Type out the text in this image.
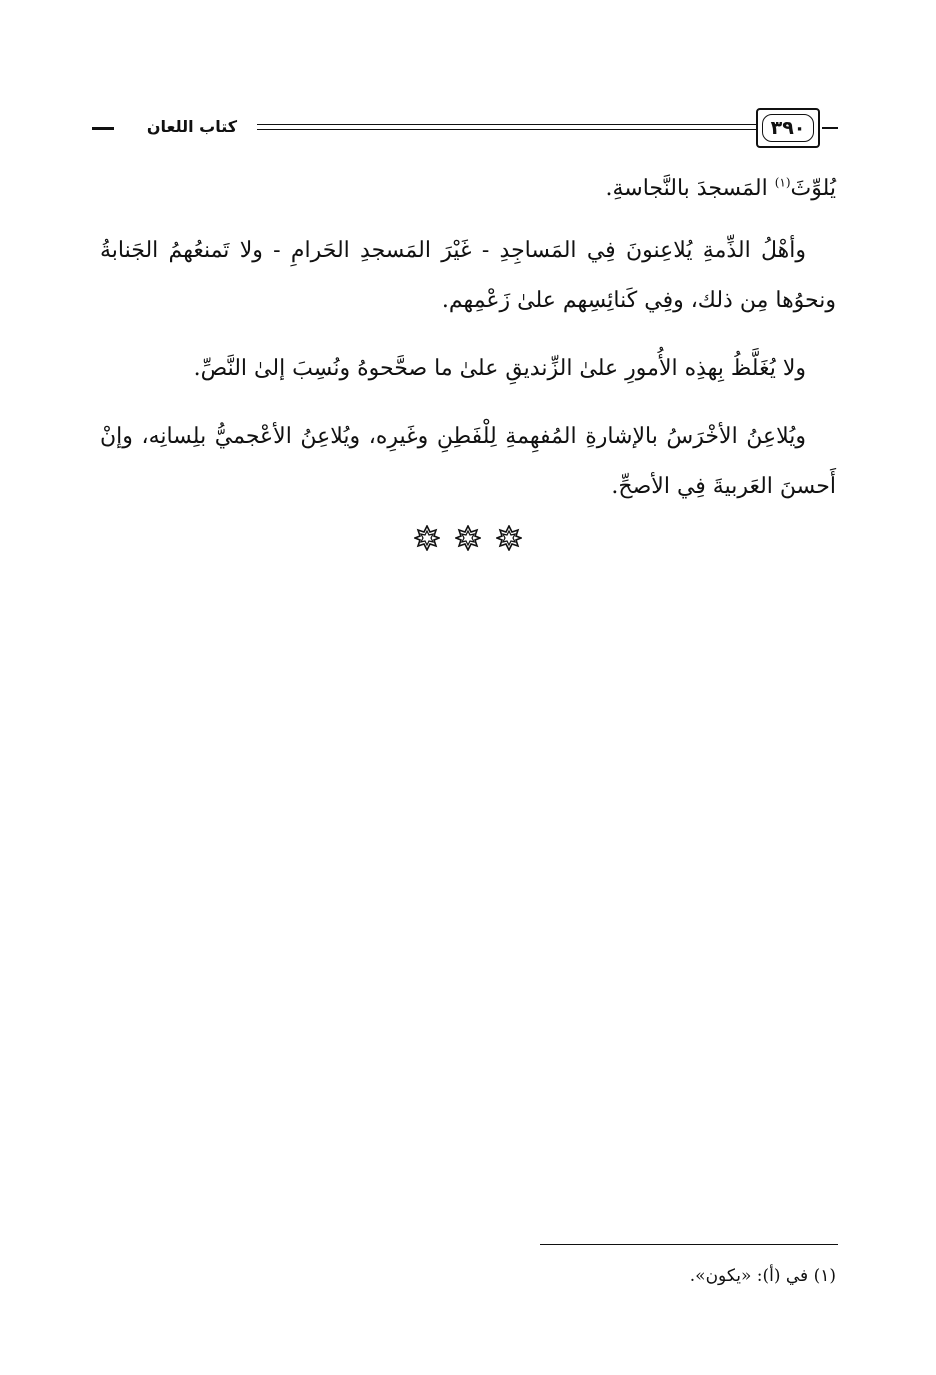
٣٩٠
كتاب اللعان

يُلوِّثَ$^{(١)}$ المَسجدَ بالنَّجاسةِ.

وأهْلُ الذِّمةِ يُلاعِنونَ فِي المَساجِدِ - غَيْرَ المَسجدِ الحَرامِ - ولا تَمنعُهمُ الجَنابةُ ونحوُها مِن ذلك، وفِي كَنائِسِهم علىٰ زَعْمِهم.

ولا يُغَلَّظُ بِهذِه الأُمورِ علىٰ الزِّنديقِ علىٰ ما صحَّحوهُ ونُسِبَ إلىٰ النَّصِّ.

ويُلاعِنُ الأخْرَسُ بالإشارةِ المُفهِمةِ لِلْفَطِنِ وغَيرِه، ويُلاعِنُ الأعْجميُّ بلِسانِه، وإنْ أَحسنَ العَربيةَ فِي الأصحِّ.

(١) في (أ): «يكون».
